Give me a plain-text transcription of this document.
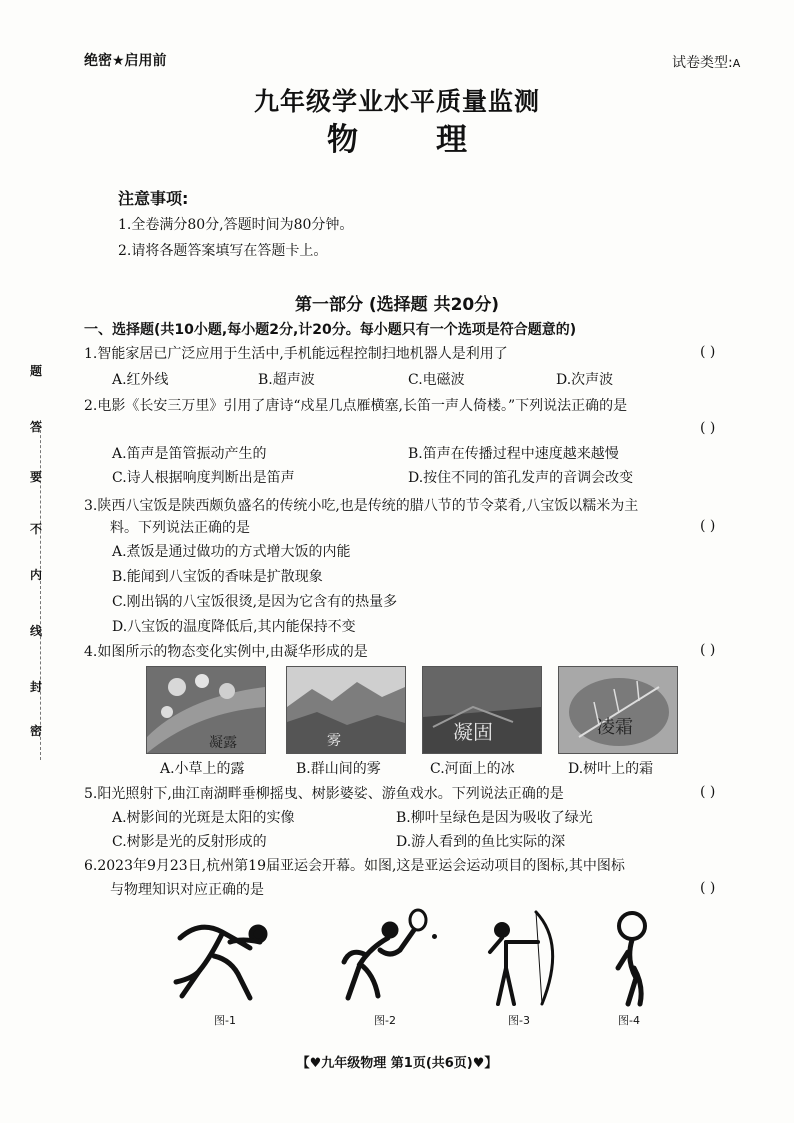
绝密★启用前	试卷类型:A
九年级学业水平质量监测
物	理
注意事项:
1.全卷满分80分,答题时间为80分钟。
2.请将各题答案填写在答题卡上。
第一部分 (选择题 共20分)
一、选择题(共10小题,每小题2分,计20分。每小题只有一个选项是符合题意的)
1.智能家居已广泛应用于生活中,手机能远程控制扫地机器人是利用了	( )
A.红外线	B.超声波	C.电磁波	D.次声波
2.电影《长安三万里》引用了唐诗“戍星几点雁横塞,长笛一声人倚楼。”下列说法正确的是
( )
A.笛声是笛管振动产生的	B.笛声在传播过程中速度越来越慢
C.诗人根据响度判断出是笛声	D.按住不同的笛孔发声的音调会改变
3.陕西八宝饭是陕西颇负盛名的传统小吃,也是传统的腊八节的节令菜肴,八宝饭以糯米为主
料。下列说法正确的是	( )
A.煮饭是通过做功的方式增大饭的内能
B.能闻到八宝饭的香味是扩散现象
C.刚出锅的八宝饭很烫,是因为它含有的热量多
D.八宝饭的温度降低后,其内能保持不变
4.如图所示的物态变化实例中,由凝华形成的是	( )
凝露	雾	凝固	凌霜
A.小草上的露	B.群山间的雾	C.河面上的冰	D.树叶上的霜
5.阳光照射下,曲江南湖畔垂柳摇曳、树影婆娑、游鱼戏水。下列说法正确的是	( )
A.树影间的光斑是太阳的实像	B.柳叶呈绿色是因为吸收了绿光
C.树影是光的反射形成的	D.游人看到的鱼比实际的深
6.2023年9月23日,杭州第19届亚运会开幕。如图,这是亚运会运动项目的图标,其中图标
与物理知识对应正确的是	( )
图-1	图-2	图-3	图-4
【♥九年级物理 第1页(共6页)♥】
密
封
线
内
不
要
答
题
